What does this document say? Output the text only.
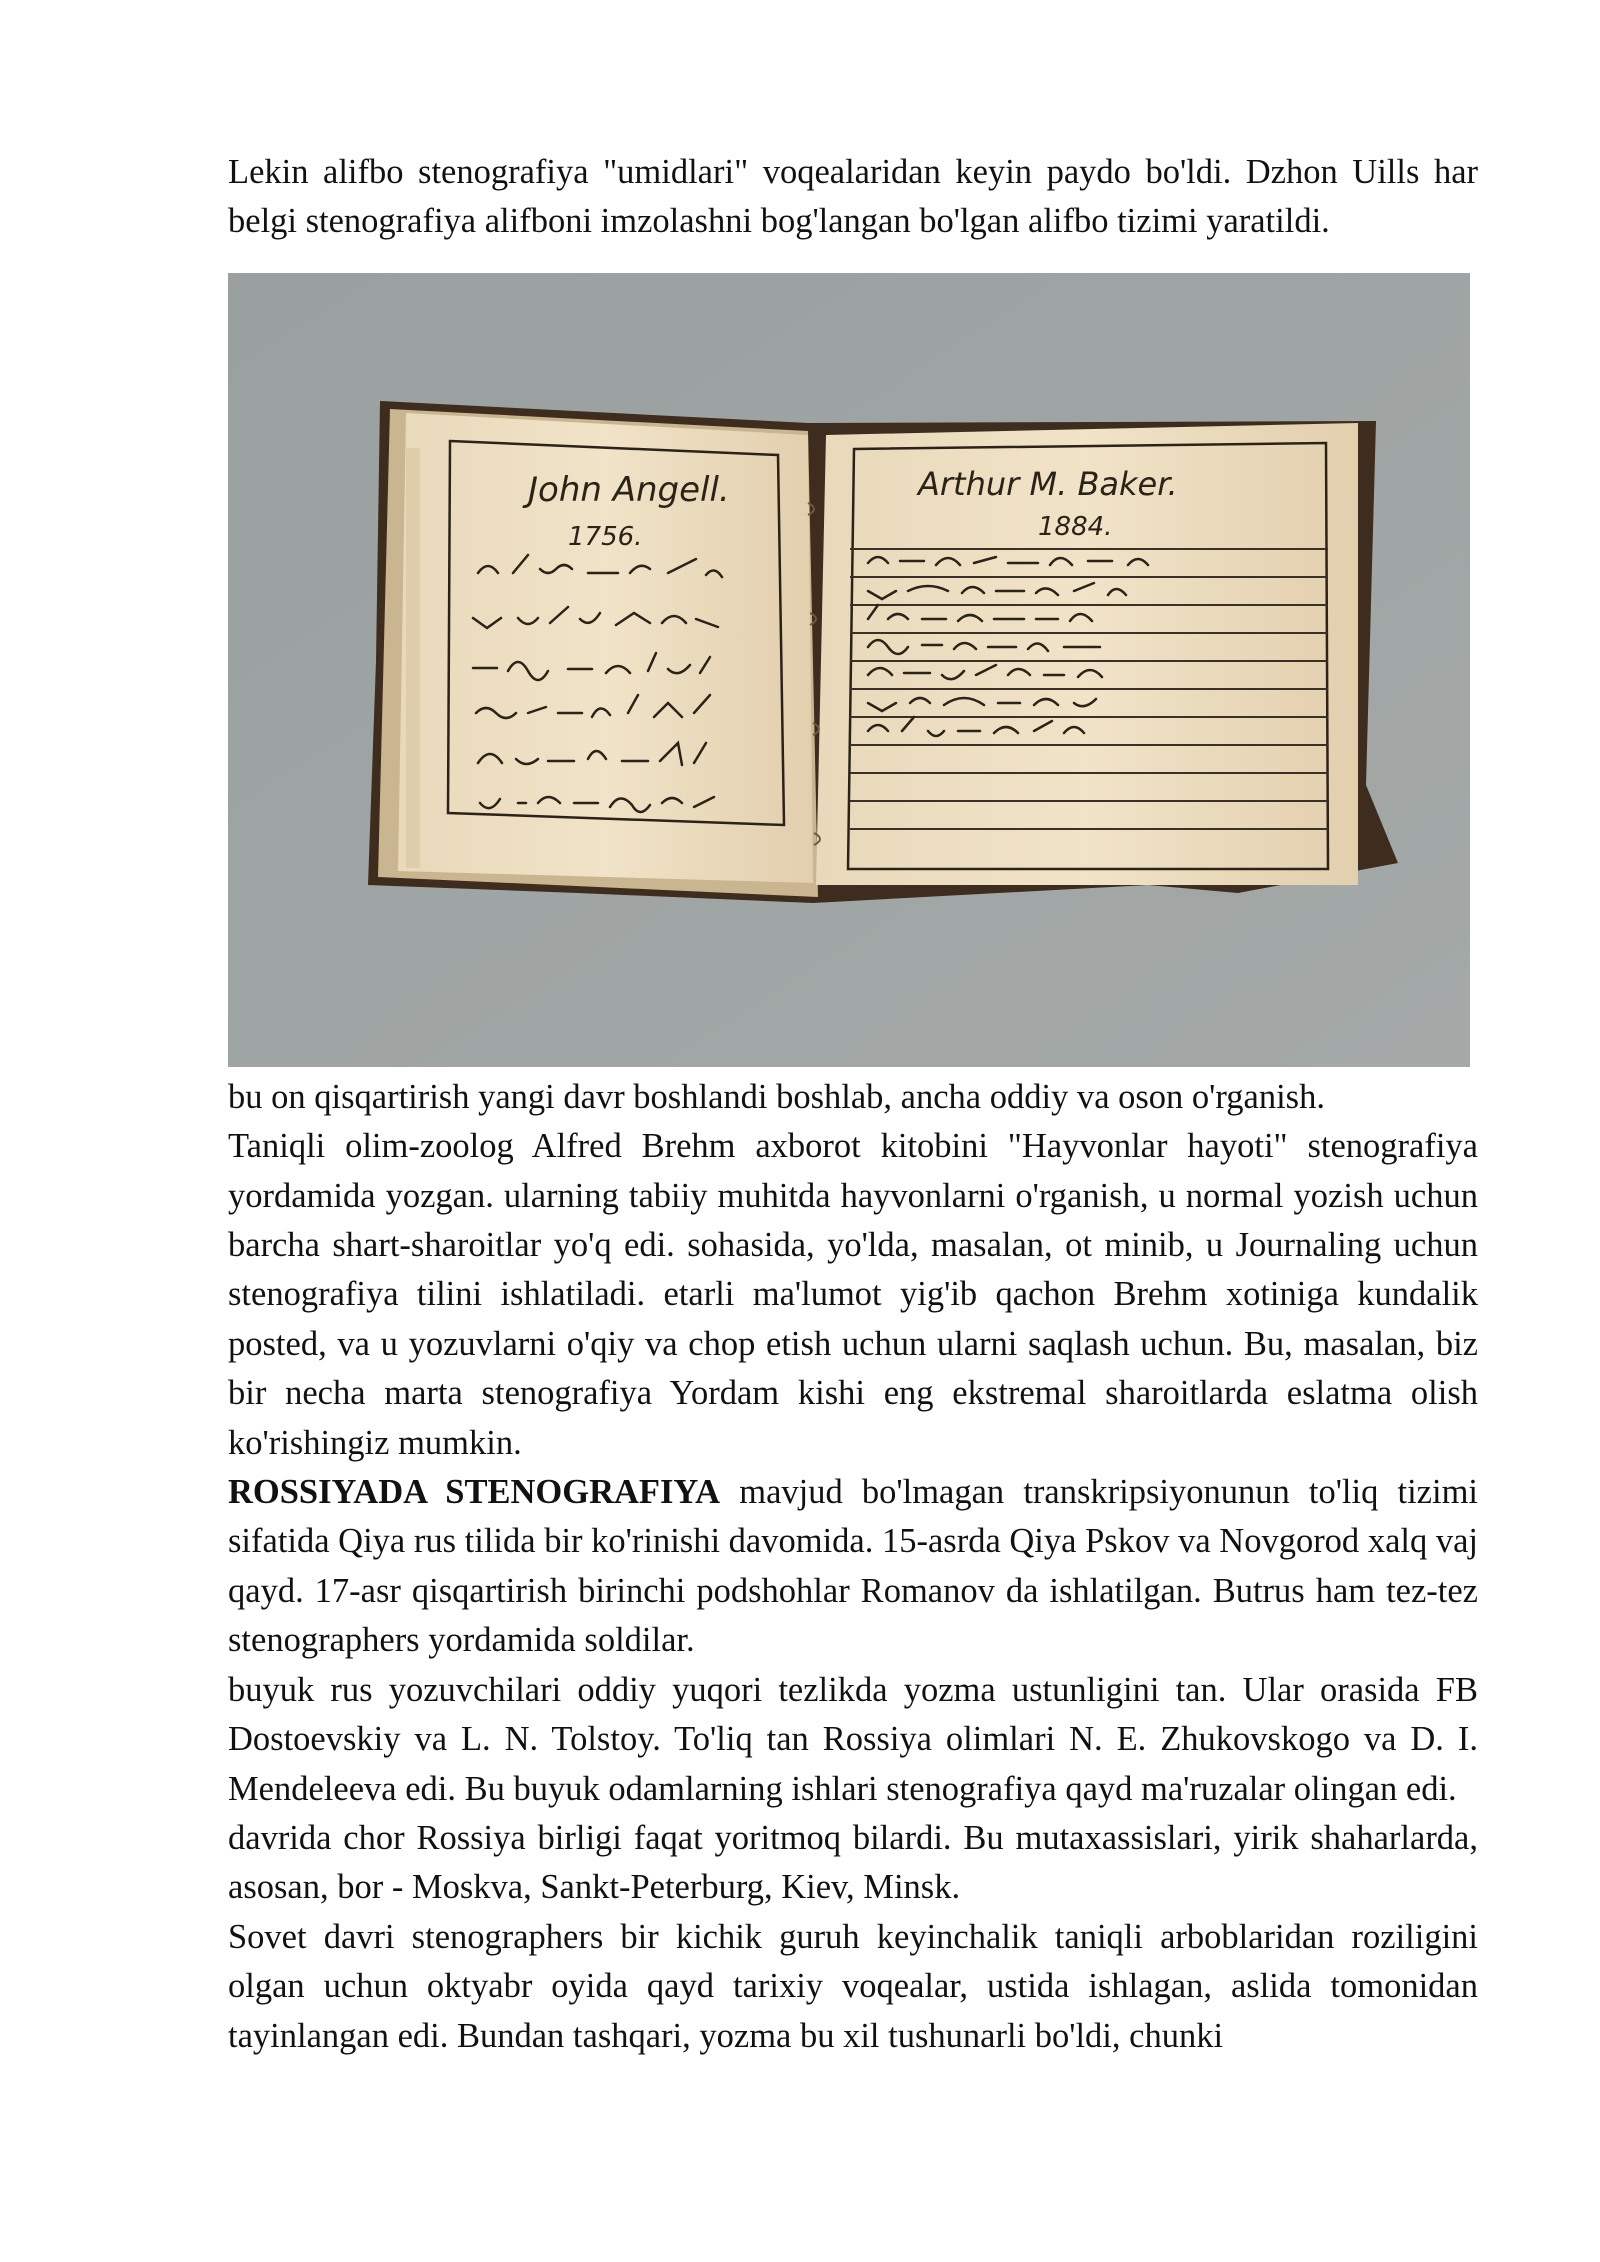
Lekin alifbo stenografiya "umidlari" voqealaridan keyin paydo bo'ldi. Dzhon Uills har belgi stenografiya alifboni imzolashni bog'langan bo'lgan alifbo tizimi yaratildi.

John Angell.
1756.
Arthur M. Baker.
1884.

bu on qisqartirish yangi davr boshlandi boshlab, ancha oddiy va oson o'rganish.

Taniqli olim-zoolog Alfred Brehm axborot kitobini "Hayvonlar hayoti" stenografiya yordamida yozgan. ularning tabiiy muhitda hayvonlarni o'rganish, u normal yozish uchun barcha shart-sharoitlar yo'q edi. sohasida, yo'lda, masalan, ot minib, u Journaling uchun stenografiya tilini ishlatiladi. etarli ma'lumot yig'ib qachon Brehm xotiniga kundalik posted, va u yozuvlarni o'qiy va chop etish uchun ularni saqlash uchun. Bu, masalan, biz bir necha marta stenografiya Yordam kishi eng ekstremal sharoitlarda eslatma olish ko'rishingiz mumkin.

ROSSIYADA STENOGRAFIYA mavjud bo'lmagan transkripsiyonunun to'liq tizimi sifatida Qiya rus tilida bir ko'rinishi davomida. 15-asrda Qiya Pskov va Novgorod xalq vaj qayd. 17-asr qisqartirish birinchi podshohlar Romanov da ishlatilgan. Butrus ham tez-tez stenographers yordamida soldilar.

buyuk rus yozuvchilari oddiy yuqori tezlikda yozma ustunligini tan. Ular orasida FB Dostoevskiy va L. N. Tolstoy. To'liq tan Rossiya olimlari N. E. Zhukovskogo va D. I. Mendeleeva edi. Bu buyuk odamlarning ishlari stenografiya qayd ma'ruzalar olingan edi.

davrida chor Rossiya birligi faqat yoritmoq bilardi. Bu mutaxassislari, yirik shaharlarda, asosan, bor - Moskva, Sankt-Peterburg, Kiev, Minsk.

Sovet davri stenographers bir kichik guruh keyinchalik taniqli arboblaridan roziligini olgan uchun oktyabr oyida qayd tarixiy voqealar, ustida ishlagan, aslida tomonidan tayinlangan edi. Bundan tashqari, yozma bu xil tushunarli bo'ldi, chunki
